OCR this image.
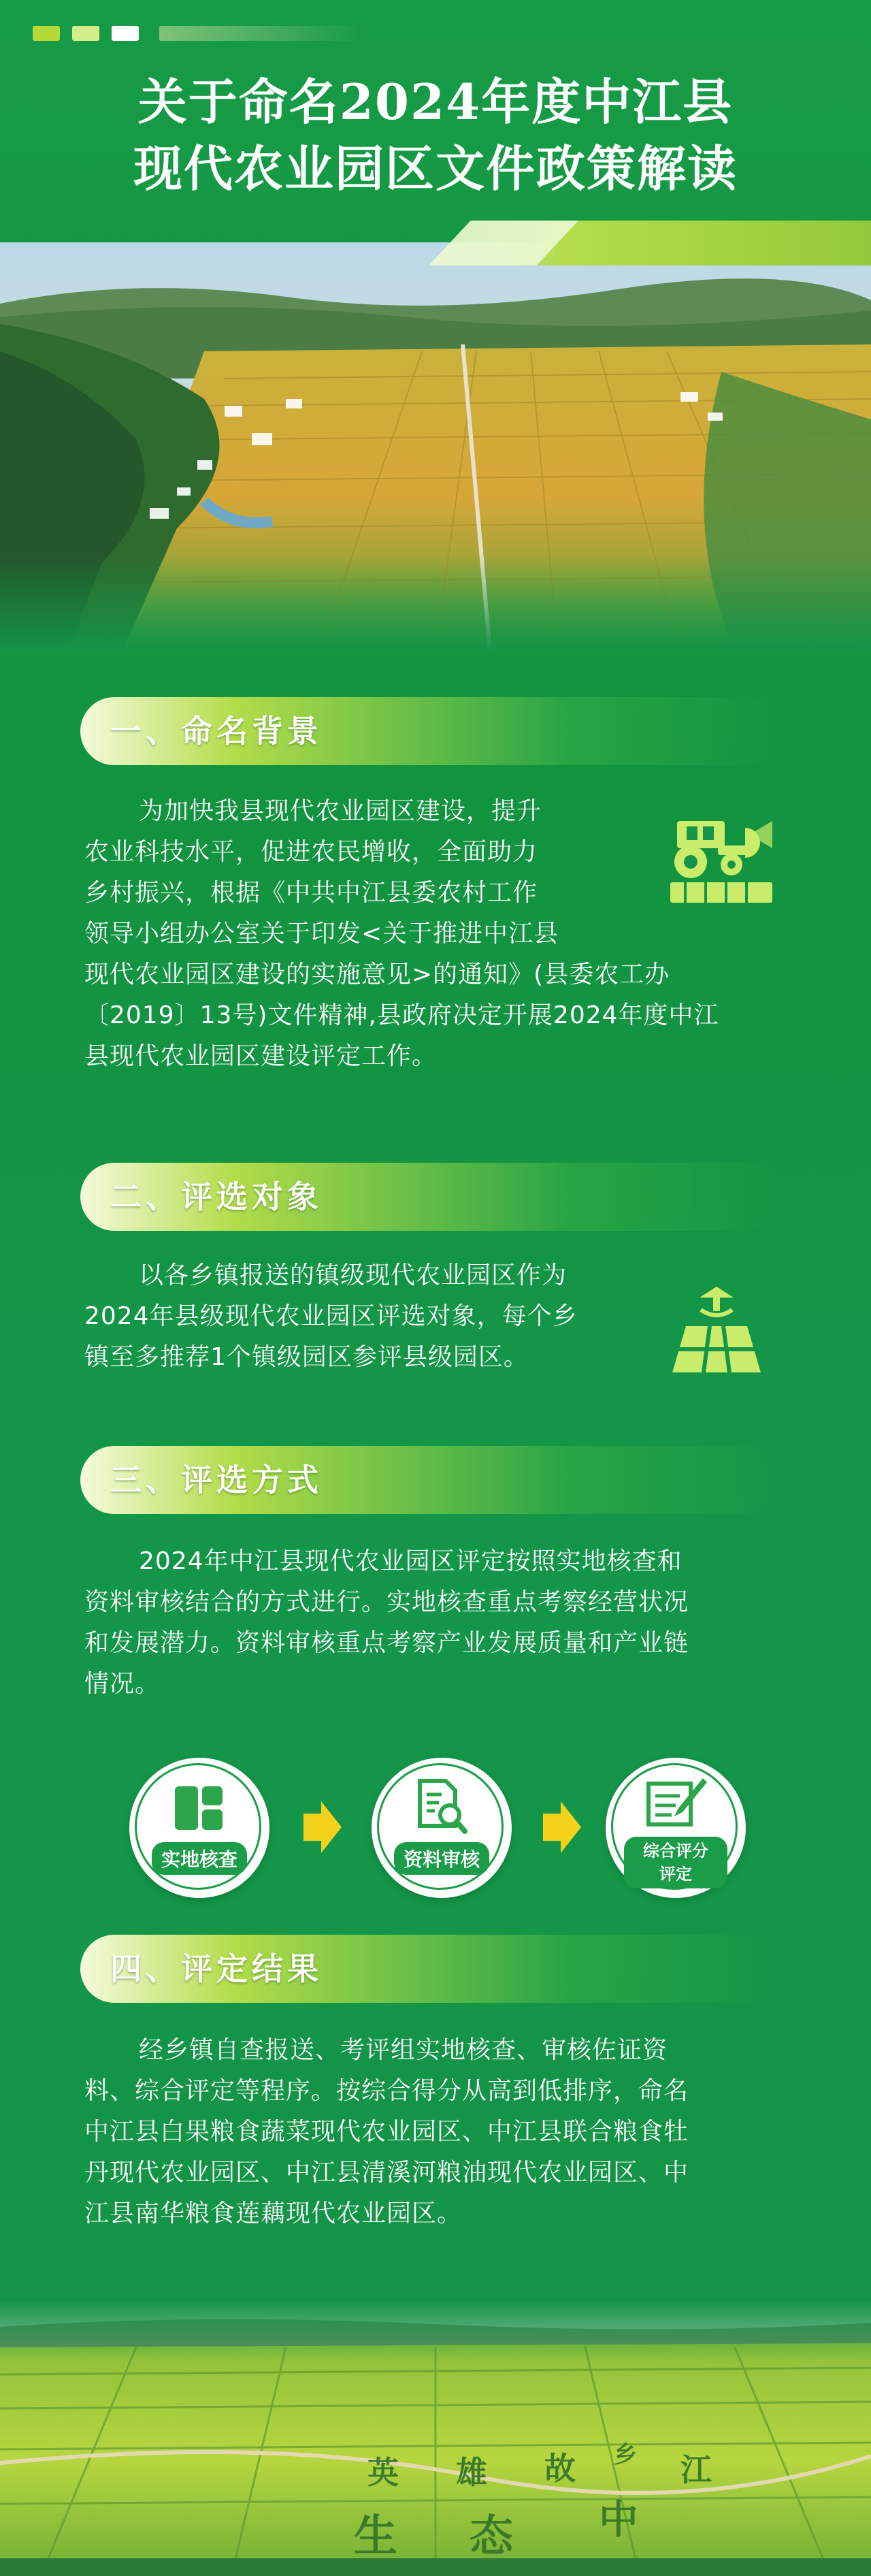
关于命名2024年度中江县
现代农业园区文件政策解读
一、命名背景
为加快我县现代农业园区建设，提升
农业科技水平，促进农民增收，全面助力
乡村振兴，根据《中共中江县委农村工作
领导小组办公室关于印发<关于推进中江县
现代农业园区建设的实施意见>的通知》(县委农工办
〔2019〕13号)文件精神,县政府决定开展2024年度中江
县现代农业园区建设评定工作。
二、评选对象
以各乡镇报送的镇级现代农业园区作为
2024年县级现代农业园区评选对象，每个乡
镇至多推荐1个镇级园区参评县级园区。
三、评选方式
2024年中江县现代农业园区评定按照实地核查和
资料审核结合的方式进行。实地核查重点考察经营状况
和发展潜力。资料审核重点考察产业发展质量和产业链
情况。
实地核查	资料审核	综合评分
评定
四、评定结果
经乡镇自查报送、考评组实地核查、审核佐证资
料、综合评定等程序。按综合得分从高到低排序，命名
中江县白果粮食蔬菜现代农业园区、中江县联合粮食牡
丹现代农业园区、中江县清溪河粮油现代农业园区、中
江县南华粮食莲藕现代农业园区。
英 雄 故 乡 江
生 态 中
